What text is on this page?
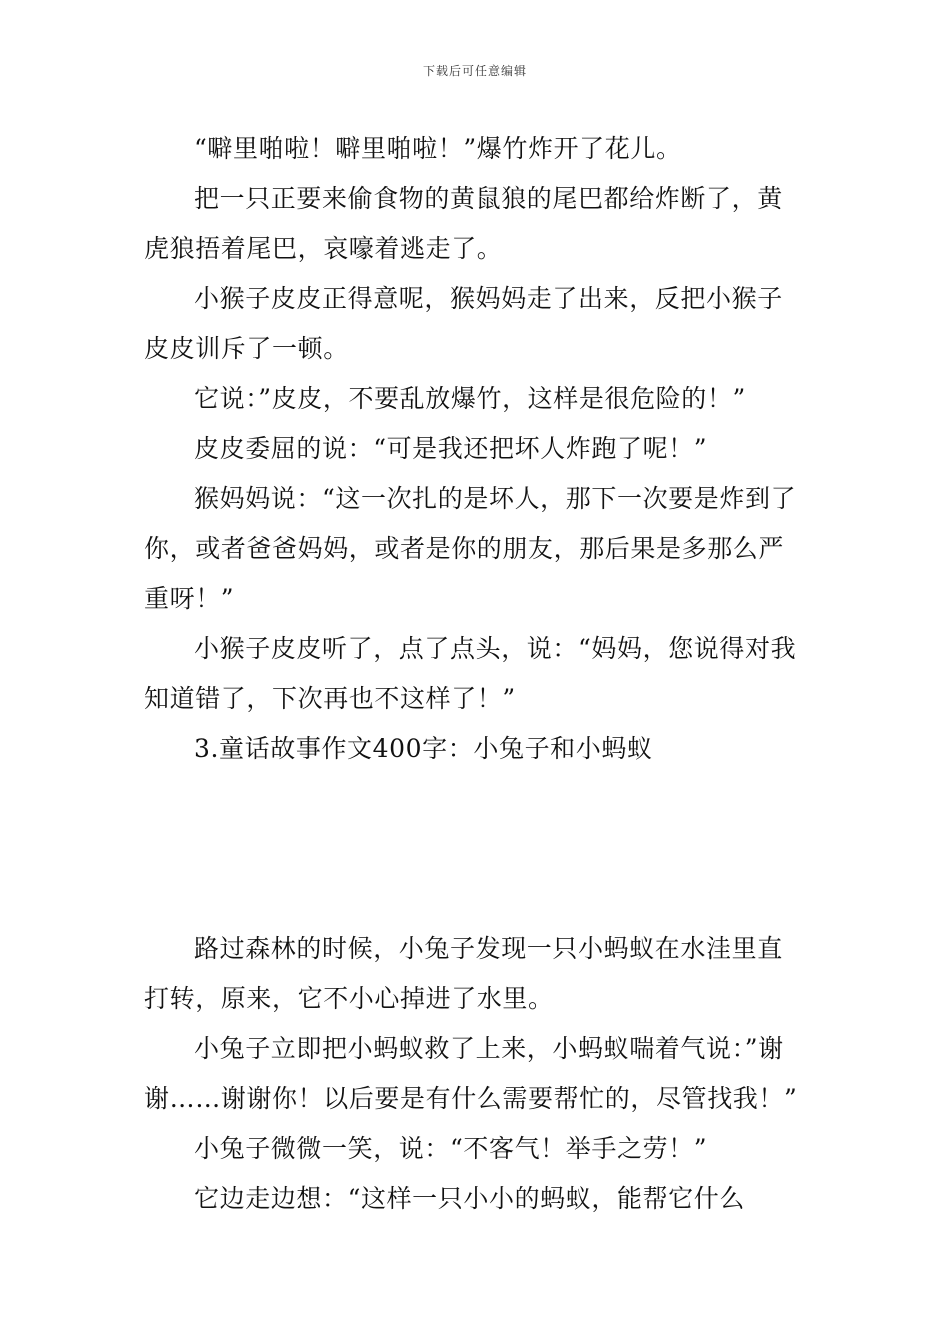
下载后可任意编辑

“噼里啪啦！噼里啪啦！”爆竹炸开了花儿。

把一只正要来偷食物的黄鼠狼的尾巴都给炸断了，黄虎狼捂着尾巴，哀嚎着逃走了。

小猴子皮皮正得意呢，猴妈妈走了出来，反把小猴子皮皮训斥了一顿。

它说：”皮皮，不要乱放爆竹，这样是很危险的！”

皮皮委屈的说：“可是我还把坏人炸跑了呢！”

猴妈妈说：“这一次扎的是坏人，那下一次要是炸到了你，或者爸爸妈妈，或者是你的朋友，那后果是多那么严重呀！”

小猴子皮皮听了，点了点头，说：“妈妈，您说得对我知道错了，下次再也不这样了！”

3.童话故事作文400字：小兔子和小蚂蚁

路过森林的时候，小兔子发现一只小蚂蚁在水洼里直打转，原来，它不小心掉进了水里。

小兔子立即把小蚂蚁救了上来，小蚂蚁喘着气说：”谢谢……谢谢你！以后要是有什么需要帮忙的，尽管找我！”

小兔子微微一笑，说：“不客气！举手之劳！”

它边走边想：“这样一只小小的蚂蚁，能帮它什么
